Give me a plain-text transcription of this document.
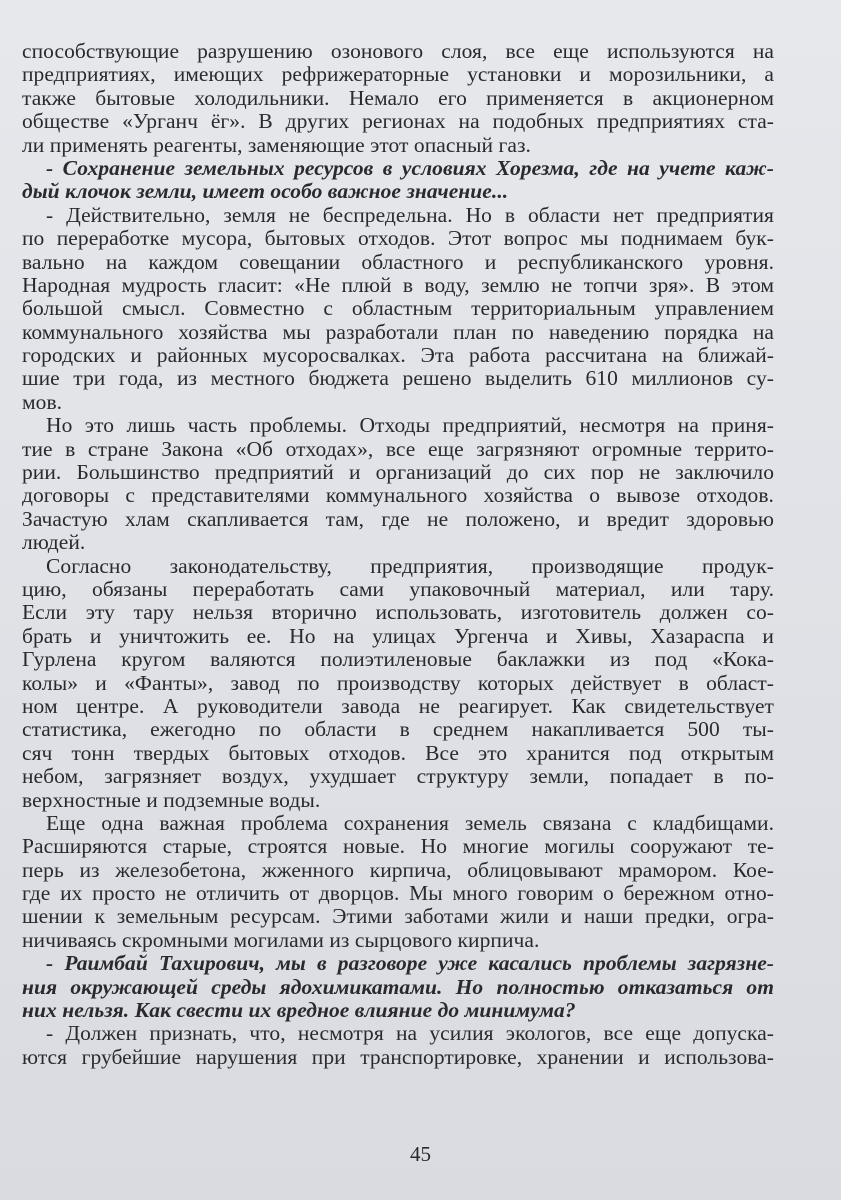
способствующие разрушению озонового слоя, все еще используются на
предприятиях, имеющих рефрижераторные установки и морозильники, а
также бытовые холодильники. Немало его применяется в акционерном
обществе «Урганч ёг». В других регионах на подобных предприятиях ста-
ли применять реагенты, заменяющие этот опасный газ.
- Сохранение земельных ресурсов в условиях Хорезма, где на учете каж-
дый клочок земли, имеет особо важное значение...
- Действительно, земля не беспредельна. Но в области нет предприятия
по переработке мусора, бытовых отходов. Этот вопрос мы поднимаем бук-
вально на каждом совещании областного и республиканского уровня.
Народная мудрость гласит: «Не плюй в воду, землю не топчи зря». В этом
большой смысл. Совместно с областным территориальным управлением
коммунального хозяйства мы разработали план по наведению порядка на
городских и районных мусоросвалках. Эта работа рассчитана на ближай-
шие три года, из местного бюджета решено выделить 610 миллионов су-
мов.
Но это лишь часть проблемы. Отходы предприятий, несмотря на приня-
тие в стране Закона «Об отходах», все еще загрязняют огромные террито-
рии. Большинство предприятий и организаций до сих пор не заключило
договоры с представителями коммунального хозяйства о вывозе отходов.
Зачастую хлам скапливается там, где не положено, и вредит здоровью
людей.
Согласно законодательству, предприятия, производящие продук-
цию, обязаны переработать сами упаковочный материал, или тару.
Если эту тару нельзя вторично использовать, изготовитель должен со-
брать и уничтожить ее. Но на улицах Ургенча и Хивы, Хазараспа и
Гурлена кругом валяются полиэтиленовые баклажки из под «Кока-
колы» и «Фанты», завод по производству которых действует в област-
ном центре. А руководители завода не реагирует. Как свидетельствует
статистика, ежегодно по области в среднем накапливается 500 ты-
сяч тонн твердых бытовых отходов. Все это хранится под открытым
небом, загрязняет воздух, ухудшает структуру земли, попадает в по-
верхностные и подземные воды.
Еще одна важная проблема сохранения земель связана с кладбищами.
Расширяются старые, строятся новые. Но многие могилы сооружают те-
перь из железобетона, жженного кирпича, облицовывают мрамором. Кое-
где их просто не отличить от дворцов. Мы много говорим о бережном отно-
шении к земельным ресурсам. Этими заботами жили и наши предки, огра-
ничиваясь скромными могилами из сырцового кирпича.
- Раимбай Тахирович, мы в разговоре уже касались проблемы загрязне-
ния окружающей среды ядохимикатами. Но полностью отказаться от
них нельзя. Как свести их вредное влияние до минимума?
- Должен признать, что, несмотря на усилия экологов, все еще допуска-
ются грубейшие нарушения при транспортировке, хранении и использова-
45
